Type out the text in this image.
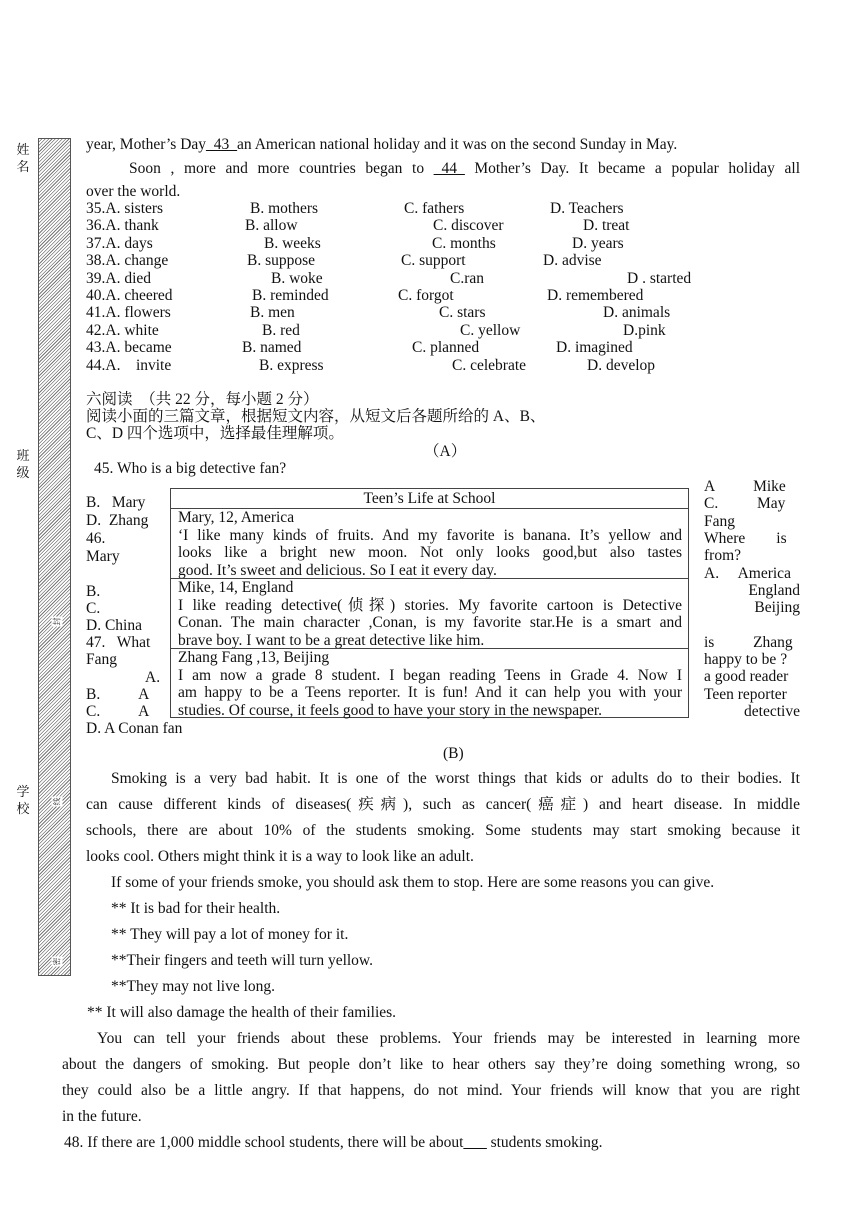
姓
名
班
级
学
校
封
线
密
year, Mother’s Day_43_an American national holiday and it was on the second Sunday in May.
Soon , more and more countries began to _44_ Mother’s Day. It became a popular holiday all
over the world.
35.A. sisters	B. mothers	C. fathers	D. Teachers
36.A. thank	B. allow	C. discover	D. treat
37.A. days	B. weeks	C. months	D. years
38.A. change	B. suppose	C. support	D. advise
39.A. died	B. woke	C.ran	D . started
40.A. cheered	B. reminded	C. forgot	D. remembered
41.A. flowers	B. men	C. stars	D. animals
42.A. white	B. red	C. yellow	D.pink
43.A. became	B. named	C. planned	D. imagined
44.A.    invite	B. express	C. celebrate	D. develop
六阅读　（共 22 分，每小题 2 分）
阅读小面的三篇文章，根据短文内容，从短文后各题所给的 A、B、
C、D 四个选项中，选择最佳理解项。
（A）
45. Who is a big detective fan?
B.   Mary
D.  Zhang
46.
Mary
B.
C.
D. China
47.   What
Fang
A.
B.          A
C.          A
D. A Conan fan
A          Mike
C.          May
Fang
Where        is
from?
A.     America
England
Beijing
is          Zhang
happy to be ?
a good reader
Teen reporter
detective
Teen’s Life at School
Mary, 12, America
‘I like many kinds of fruits. And my favorite is banana. It’s yellow and
looks like a bright new moon. Not only looks good,but also tastes
good. It’s sweet and delicious. So I eat it every day.
Mike, 14, England
I like reading detective(侦探) stories. My favorite cartoon is Detective
Conan. The main character ,Conan, is my favorite star.He is a smart and
brave boy. I want to be a great detective like him.
Zhang Fang ,13, Beijing
I am now a grade 8 student. I began reading Teens in Grade 4. Now I
am happy to be a Teens reporter. It is fun! And it can help you with your
studies. Of course, it feels good to have your story in the newspaper.
(B)
Smoking is a very bad habit. It is one of the worst things that kids or adults do to their bodies. It
can cause different kinds of diseases(疾病), such as cancer(癌症) and heart disease. In middle
schools, there are about 10% of the students smoking. Some students may start smoking because it
looks cool. Others might think it is a way to look like an adult.
If some of your friends smoke, you should ask them to stop. Here are some reasons you can give.
** It is bad for their health.
** They will pay a lot of money for it.
**Their fingers and teeth will turn yellow.
**They may not live long.
** It will also damage the health of their families.
You can tell your friends about these problems. Your friends may be interested in learning more
about the dangers of smoking. But people don’t like to hear others say they’re doing something wrong, so
they could also be a little angry. If that happens, do not mind. Your friends will know that you are right
in the future.
48. If there are 1,000 middle school students, there will be about___ students smoking.
